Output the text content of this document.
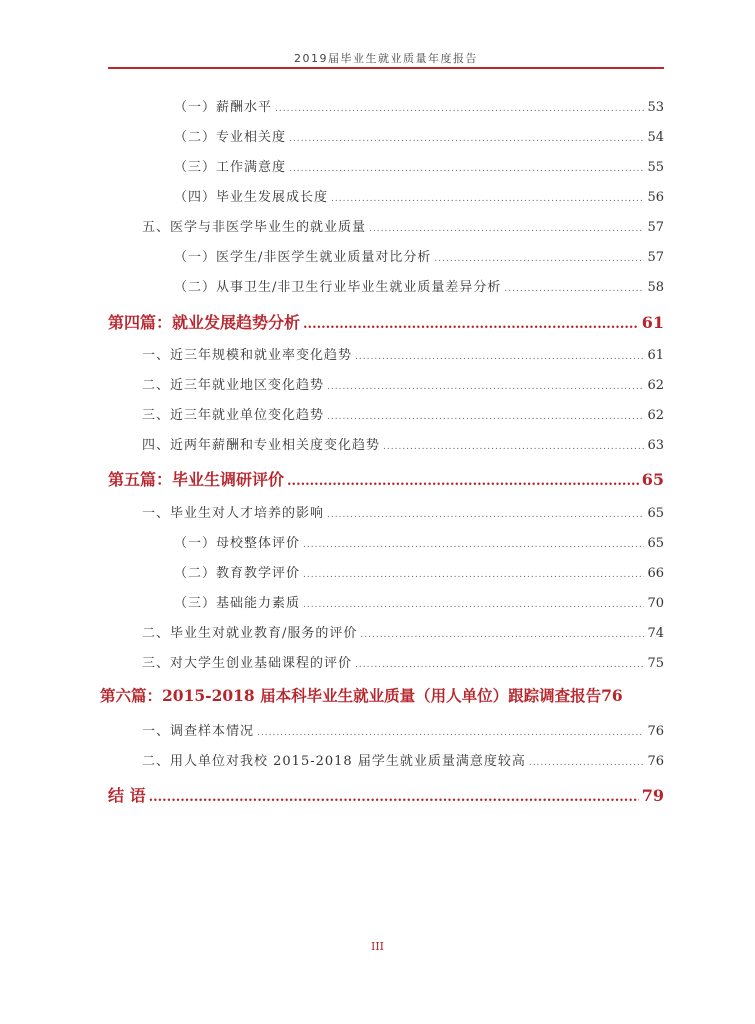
2019届毕业生就业质量年度报告
（一）薪酬水平 .....	53
（二）专业相关度 .....	54
（三）工作满意度 .....	55
（四）毕业生发展成长度 .....	56
五、医学与非医学毕业生的就业质量 .....	57
（一）医学生/非医学生就业质量对比分析 .....	57
（二）从事卫生/非卫生行业毕业生就业质量差异分析 .....	58
第四篇：就业发展趋势分析 .....	61
一、近三年规模和就业率变化趋势 .....	61
二、近三年就业地区变化趋势 .....	62
三、近三年就业单位变化趋势 .....	62
四、近两年薪酬和专业相关度变化趋势 .....	63
第五篇：毕业生调研评价 .....	65
一、毕业生对人才培养的影响 .....	65
（一）母校整体评价 .....	65
（二）教育教学评价 .....	66
（三）基础能力素质 .....	70
二、毕业生对就业教育/服务的评价 .....	74
三、对大学生创业基础课程的评价 .....	75
第六篇：2015-2018 届本科毕业生就业质量（用人单位）跟踪调查报告 76
一、调查样本情况 .....	76
二、用人单位对我校 2015-2018 届学生就业质量满意度较高 .....	76
结 语 .....	79
III
